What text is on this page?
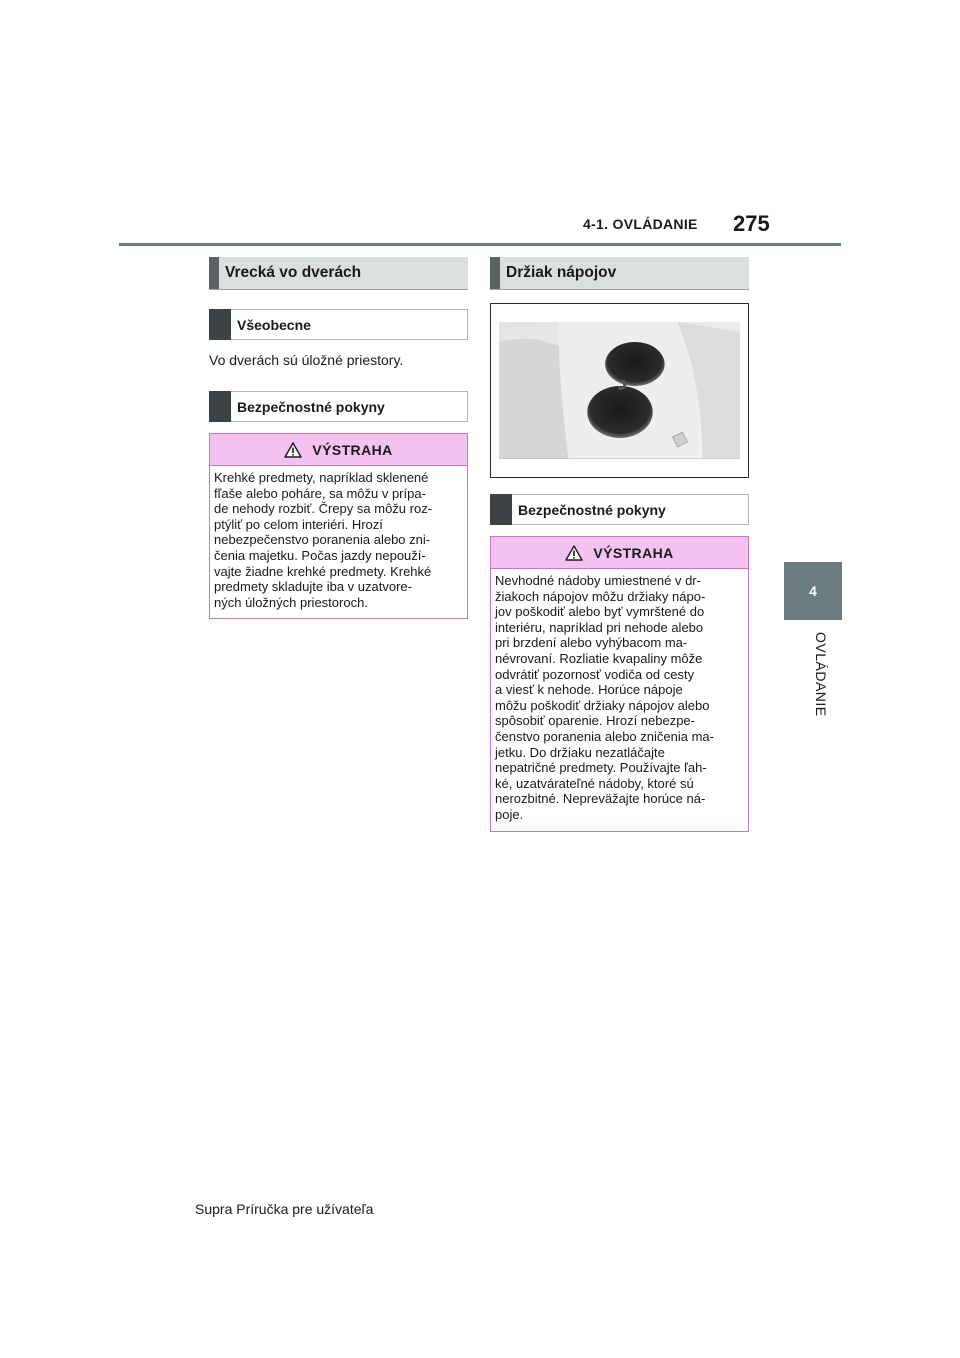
4-1. OVLÁDANIE 275
4
OVLÁDANIE
Vrecká vo dverách
Všeobecne
Vo dverách sú úložné priestory.
Bezpečnostné pokyny
VÝSTRAHA
Krehké predmety, napríklad sklenené
fľaše alebo poháre, sa môžu v prípa-
de nehody rozbiť. Črepy sa môžu roz-
ptýliť po celom interiéri. Hrozí
nebezpečenstvo poranenia alebo zni-
čenia majetku. Počas jazdy nepouží-
vajte žiadne krehké predmety. Krehké
predmety skladujte iba v uzatvore-
ných úložných priestoroch.
Držiak nápojov
Bezpečnostné pokyny
VÝSTRAHA
Nevhodné nádoby umiestnené v dr-
žiakoch nápojov môžu držiaky nápo-
jov poškodiť alebo byť vymrštené do
interiéru, napríklad pri nehode alebo
pri brzdení alebo vyhýbacom ma-
névrovaní. Rozliatie kvapaliny môže
odvrátiť pozornosť vodiča od cesty
a viesť k nehode. Horúce nápoje
môžu poškodiť držiaky nápojov alebo
spôsobiť oparenie. Hrozí nebezpe-
čenstvo poranenia alebo zničenia ma-
jetku. Do držiaku nezatláčajte
nepatričné predmety. Používajte ľah-
ké, uzatvárateľné nádoby, ktoré sú
nerozbitné. Nepreväžajte horúce ná-
poje.
Supra Príručka pre užívateľa
